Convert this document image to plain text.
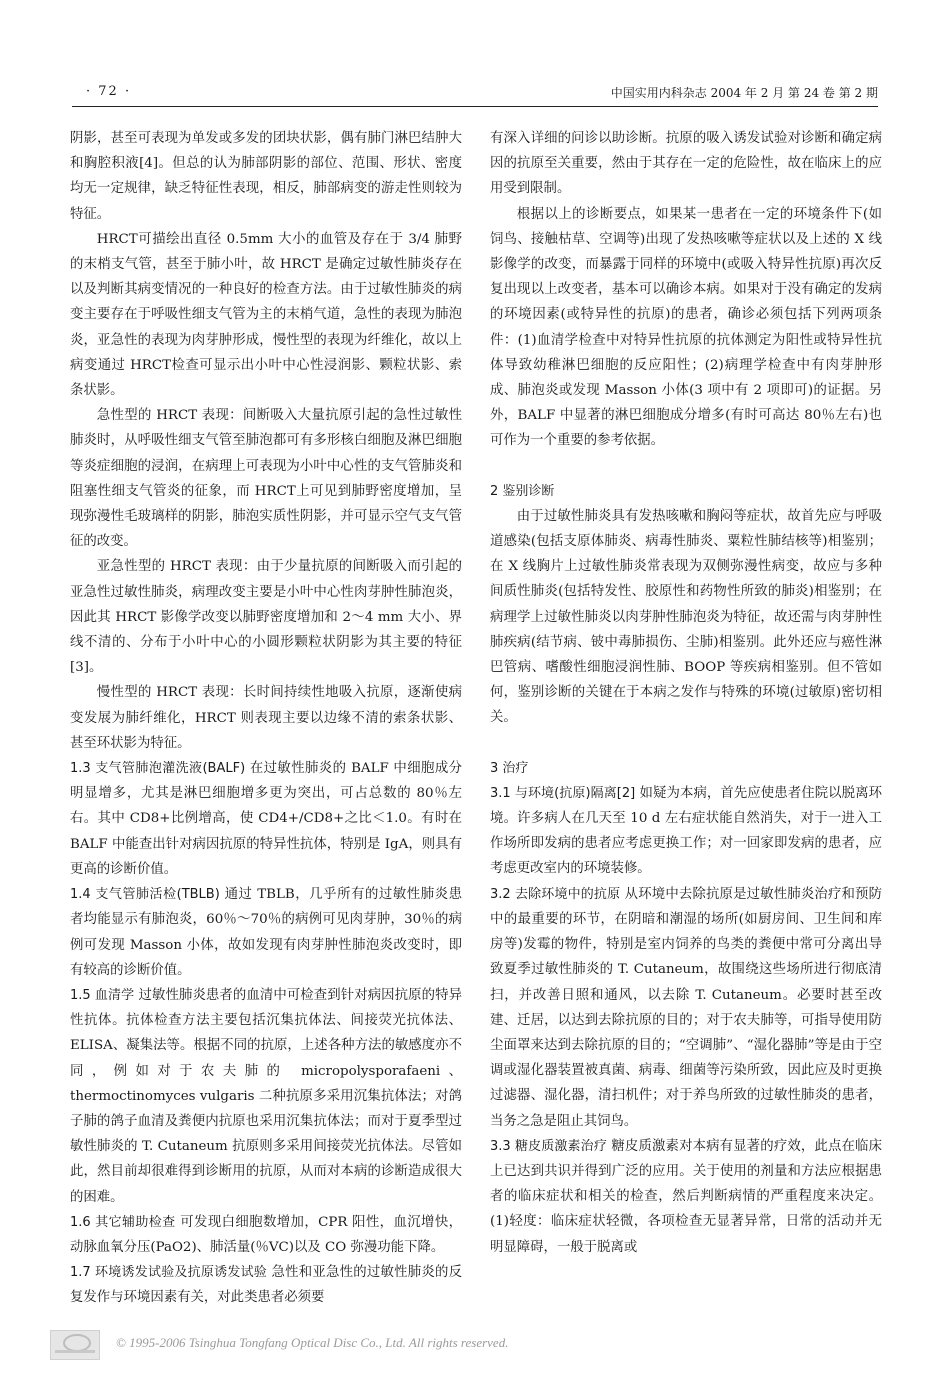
· 72 ·	中国实用内科杂志 2004 年 2 月 第 24 卷 第 2 期

阴影，甚至可表现为单发或多发的团块状影，偶有肺门淋巴结肿大和胸腔积液[4]。但总的认为肺部阴影的部位、范围、形状、密度均无一定规律，缺乏特征性表现，相反，肺部病变的游走性则较为特征。

HRCT可描绘出直径 0.5mm 大小的血管及存在于 3/4 肺野的末梢支气管，甚至于肺小叶，故 HRCT 是确定过敏性肺炎存在以及判断其病变情况的一种良好的检查方法。由于过敏性肺炎的病变主要存在于呼吸性细支气管为主的末梢气道，急性的表现为肺泡炎，亚急性的表现为肉芽肿形成，慢性型的表现为纤维化，故以上病变通过 HRCT检查可显示出小叶中心性浸润影、颗粒状影、索条状影。

急性型的 HRCT 表现：间断吸入大量抗原引起的急性过敏性肺炎时，从呼吸性细支气管至肺泡都可有多形核白细胞及淋巴细胞等炎症细胞的浸润，在病理上可表现为小叶中心性的支气管肺炎和阻塞性细支气管炎的征象，而 HRCT上可见到肺野密度增加，呈现弥漫性毛玻璃样的阴影，肺泡实质性阴影，并可显示空气支气管征的改变。

亚急性型的 HRCT 表现：由于少量抗原的间断吸入而引起的亚急性过敏性肺炎，病理改变主要是小叶中心性肉芽肿性肺泡炎，因此其 HRCT 影像学改变以肺野密度增加和 2～4 mm 大小、界线不清的、分布于小叶中心的小圆形颗粒状阴影为其主要的特征[3]。

慢性型的 HRCT 表现：长时间持续性地吸入抗原，逐渐使病变发展为肺纤维化，HRCT 则表现主要以边缘不清的索条状影、甚至环状影为特征。

1.3 支气管肺泡灌洗液(BALF) 在过敏性肺炎的 BALF 中细胞成分明显增多，尤其是淋巴细胞增多更为突出，可占总数的 80％左右。其中 CD8+比例增高，使 CD4+/CD8+之比＜1.0。有时在 BALF 中能查出针对病因抗原的特异性抗体，特别是 IgA，则具有更高的诊断价值。

1.4 支气管肺活检(TBLB) 通过 TBLB，几乎所有的过敏性肺炎患者均能显示有肺泡炎，60％～70％的病例可见肉芽肿，30％的病例可发现 Masson 小体，故如发现有肉芽肿性肺泡炎改变时，即有较高的诊断价值。

1.5 血清学 过敏性肺炎患者的血清中可检查到针对病因抗原的特异性抗体。抗体检查方法主要包括沉集抗体法、间接荧光抗体法、ELISA、凝集法等。根据不同的抗原，上述各种方法的敏感度亦不同，例如对于农夫肺的 micropolysporafaeni、thermoctinomyces vulgaris 二种抗原多采用沉集抗体法；对鸽子肺的鸽子血清及粪便内抗原也采用沉集抗体法；而对于夏季型过敏性肺炎的 T. Cutaneum 抗原则多采用间接荧光抗体法。尽管如此，然目前却很难得到诊断用的抗原，从而对本病的诊断造成很大的困难。

1.6 其它辅助检查 可发现白细胞数增加，CPR 阳性，血沉增快，动脉血氧分压(PaO2)、肺活量(％VC)以及 CO 弥漫功能下降。

1.7 环境诱发试验及抗原诱发试验 急性和亚急性的过敏性肺炎的反复发作与环境因素有关，对此类患者必须要

有深入详细的问诊以助诊断。抗原的吸入诱发试验对诊断和确定病因的抗原至关重要，然由于其存在一定的危险性，故在临床上的应用受到限制。

根据以上的诊断要点，如果某一患者在一定的环境条件下(如饲鸟、接触枯草、空调等)出现了发热咳嗽等症状以及上述的 X 线影像学的改变，而暴露于同样的环境中(或吸入特异性抗原)再次反复出现以上改变者，基本可以确诊本病。如果对于没有确定的发病的环境因素(或特异性的抗原)的患者，确诊必须包括下列两项条件：(1)血清学检查中对特异性抗原的抗体测定为阳性或特异性抗体导致幼稚淋巴细胞的反应阳性；(2)病理学检查中有肉芽肿形成、肺泡炎或发现 Masson 小体(3 项中有 2 项即可)的证据。另外，BALF 中显著的淋巴细胞成分增多(有时可高达 80％左右)也可作为一个重要的参考依据。

2 鉴别诊断

由于过敏性肺炎具有发热咳嗽和胸闷等症状，故首先应与呼吸道感染(包括支原体肺炎、病毒性肺炎、粟粒性肺结核等)相鉴别；在 X 线胸片上过敏性肺炎常表现为双侧弥漫性病变，故应与多种间质性肺炎(包括特发性、胶原性和药物性所致的肺炎)相鉴别；在病理学上过敏性肺炎以肉芽肿性肺泡炎为特征，故还需与肉芽肿性肺疾病(结节病、铍中毒肺损伤、尘肺)相鉴别。此外还应与癌性淋巴管病、嗜酸性细胞浸润性肺、BOOP 等疾病相鉴别。但不管如何，鉴别诊断的关键在于本病之发作与特殊的环境(过敏原)密切相关。

3 治疗

3.1 与环境(抗原)隔离[2] 如疑为本病，首先应使患者住院以脱离环境。许多病人在几天至 10 d 左右症状能自然消失，对于一进入工作场所即发病的患者应考虑更换工作；对一回家即发病的患者，应考虑更改室内的环境装修。

3.2 去除环境中的抗原 从环境中去除抗原是过敏性肺炎治疗和预防中的最重要的环节，在阴暗和潮湿的场所(如厨房间、卫生间和库房等)发霉的物件，特别是室内饲养的鸟类的粪便中常可分离出导致夏季过敏性肺炎的 T. Cutaneum，故围绕这些场所进行彻底清扫，并改善日照和通风，以去除 T. Cutaneum。必要时甚至改建、迁居，以达到去除抗原的目的；对于农夫肺等，可指导使用防尘面罩来达到去除抗原的目的；“空调肺”、“湿化器肺”等是由于空调或湿化器装置被真菌、病毒、细菌等污染所致，因此应及时更换过滤器、湿化器，清扫机件；对于养鸟所致的过敏性肺炎的患者，当务之急是阻止其饲鸟。

3.3 糖皮质激素治疗 糖皮质激素对本病有显著的疗效，此点在临床上已达到共识并得到广泛的应用。关于使用的剂量和方法应根据患者的临床症状和相关的检查，然后判断病情的严重程度来决定。(1)轻度：临床症状轻微，各项检查无显著异常，日常的活动并无明显障碍，一般于脱离或

© 1995-2006 Tsinghua Tongfang Optical Disc Co., Ltd. All rights reserved.
